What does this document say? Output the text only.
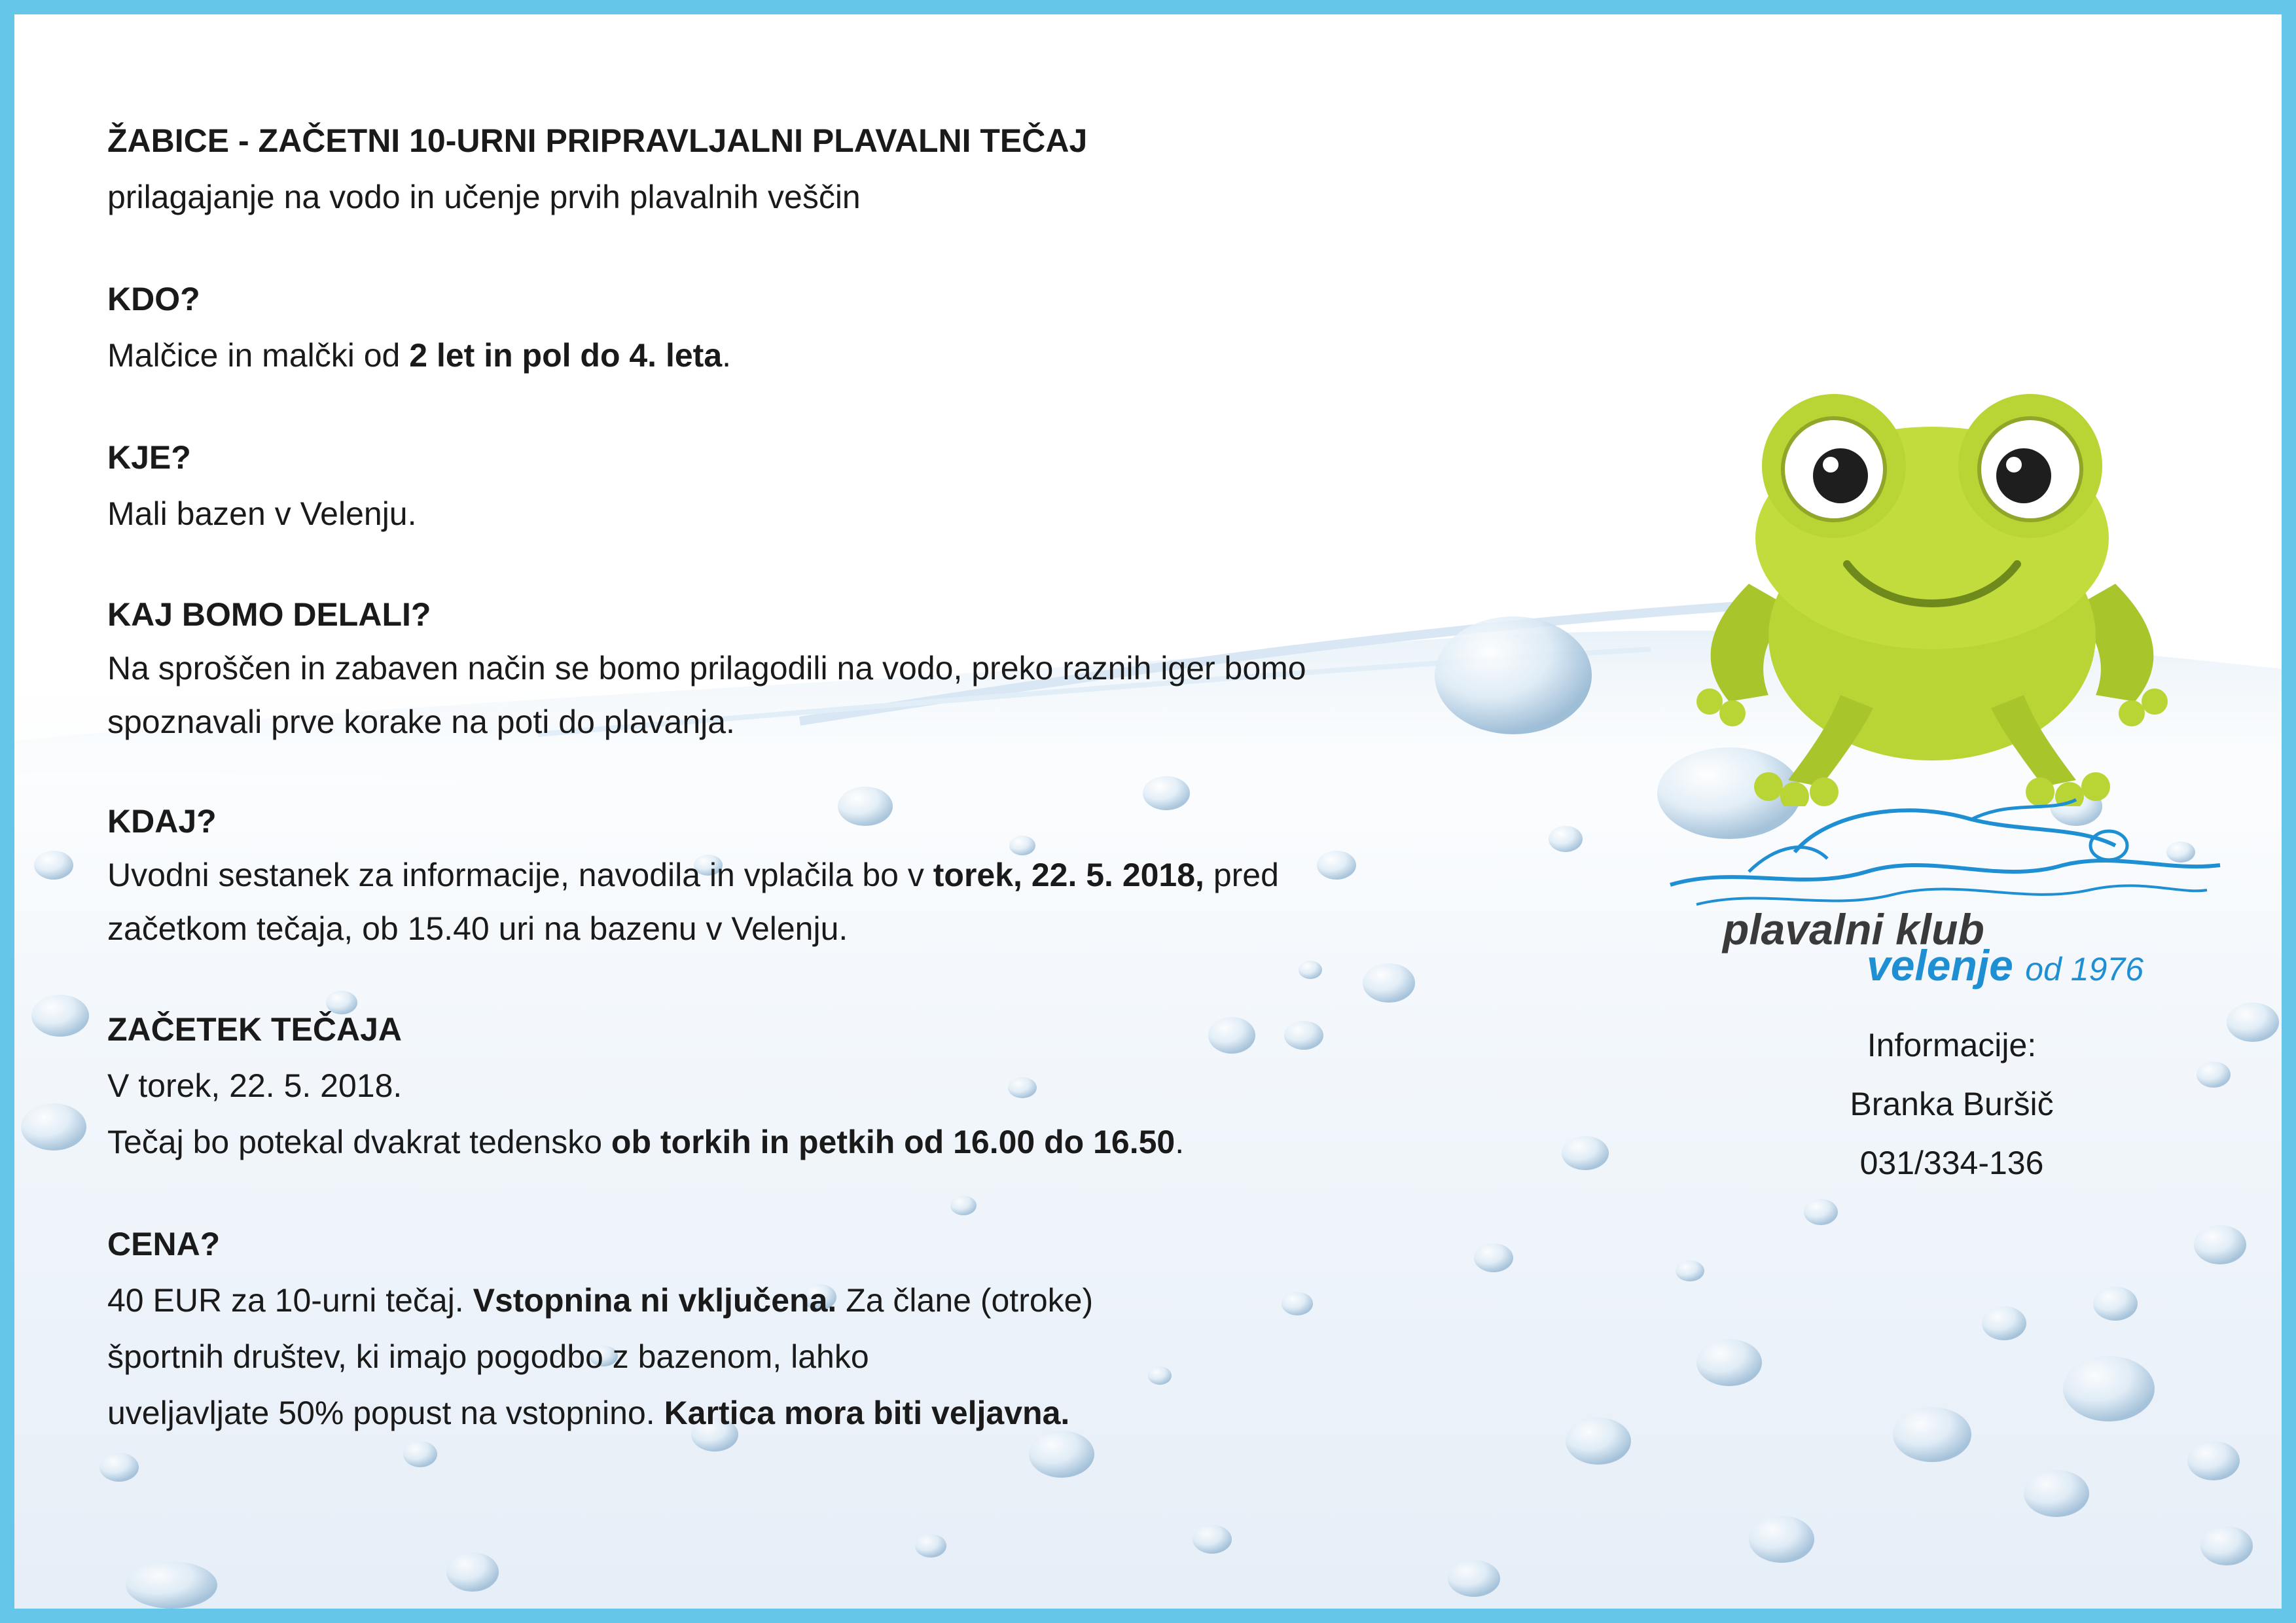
ŽABICE - ZAČETNI 10-URNI PRIPRAVLJALNI PLAVALNI TEČAJ
prilagajanje na vodo in učenje prvih plavalnih veščin
KDO?
Malčice in malčki od 2 let in pol do 4. leta.
KJE?
Mali bazen v Velenju.
KAJ BOMO DELALI?
Na sproščen in zabaven način se bomo prilagodili na vodo, preko raznih iger bomo
spoznavali prve korake na poti do plavanja.
KDAJ?
Uvodni sestanek za informacije, navodila in vplačila bo v torek, 22. 5. 2018, pred
začetkom tečaja, ob 15.40 uri na bazenu v Velenju.
ZAČETEK TEČAJA
V torek, 22. 5. 2018.
Tečaj bo potekal dvakrat tedensko ob torkih in petkih od 16.00 do 16.50.
CENA?
40 EUR za 10-urni tečaj. Vstopnina ni vključena. Za člane (otroke)
športnih društev, ki imajo pogodbo z bazenom, lahko
uveljavljate 50% popust na vstopnino. Kartica mora biti veljavna.
plavalni klub
velenje od 1976
Informacije:
Branka Buršič
031/334-136
